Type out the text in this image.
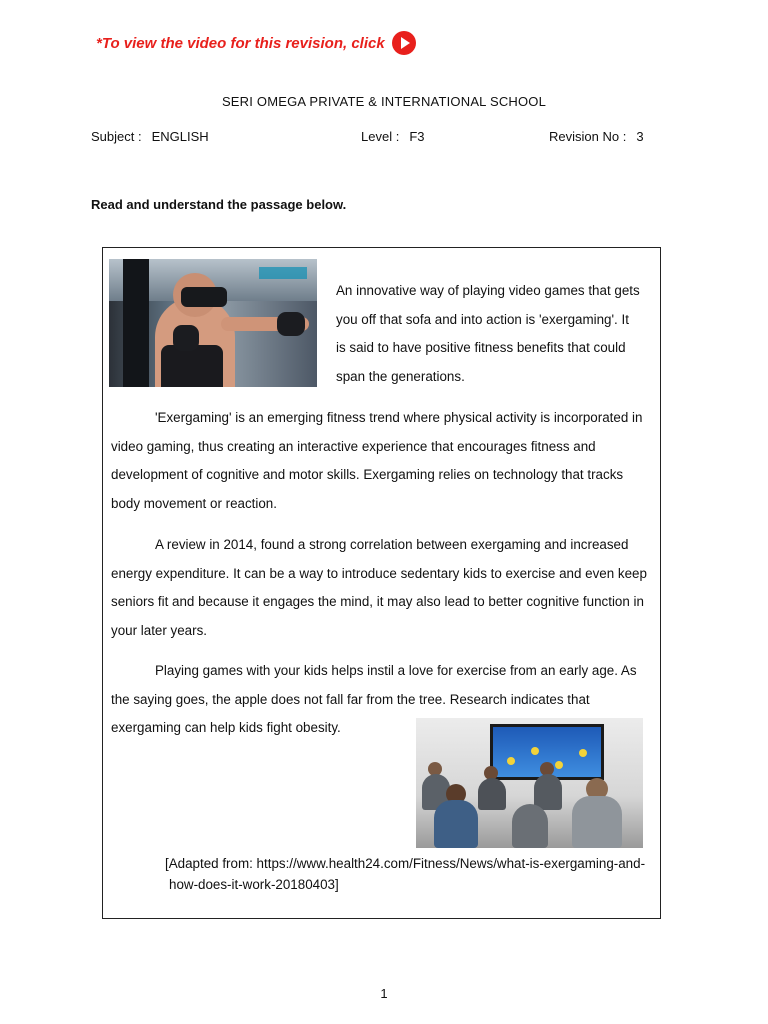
*To view the video for this revision, click
SERI OMEGA PRIVATE & INTERNATIONAL SCHOOL
Subject : ENGLISH	Level : F3	Revision No : 3
Read and understand the passage below.
An innovative way of playing video games that gets
you off that sofa and into action is 'exergaming'. It
is said to have positive fitness benefits that could
span the generations.

'Exergaming' is an emerging fitness trend where physical activity is incorporated in video gaming, thus creating an interactive experience that encourages fitness and development of cognitive and motor skills. Exergaming relies on technology that tracks body movement or reaction.

A review in 2014, found a strong correlation between exergaming and increased energy expenditure. It can be a way to introduce sedentary kids to exercise and even keep seniors fit and because it engages the mind, it may also lead to better cognitive function in your later years.

Playing games with your kids helps instil a love for exercise from an early age. As the saying goes, the apple does not fall far from the tree. Research indicates that exergaming can help kids fight obesity.

[Adapted from: https://www.health24.com/Fitness/News/what-is-exergaming-and-how-does-it-work-20180403]
1
